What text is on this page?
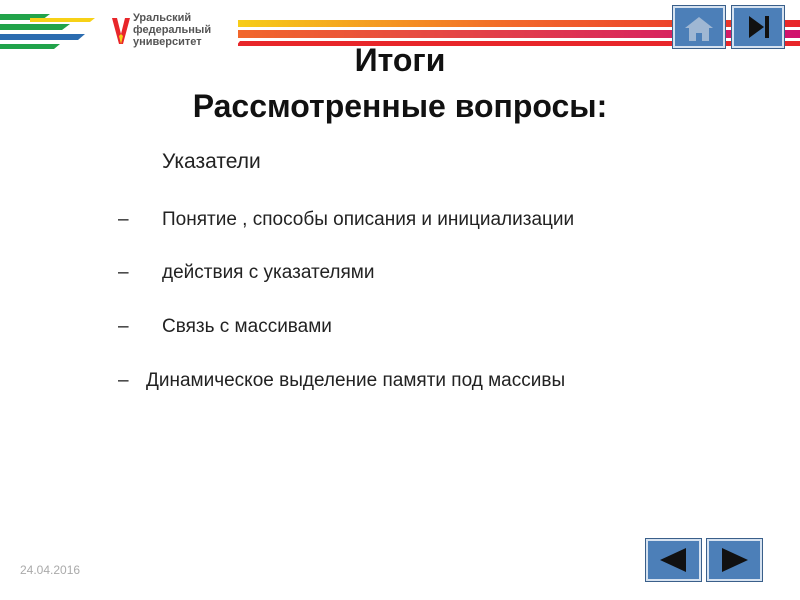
Уральский
федеральный
университет	Итоги
Рассмотренные вопросы:
Указатели
– Понятие , способы описания и инициализации
– действия с указателями
– Связь с массивами
– Динамическое выделение памяти под массивы
24.04.2016
